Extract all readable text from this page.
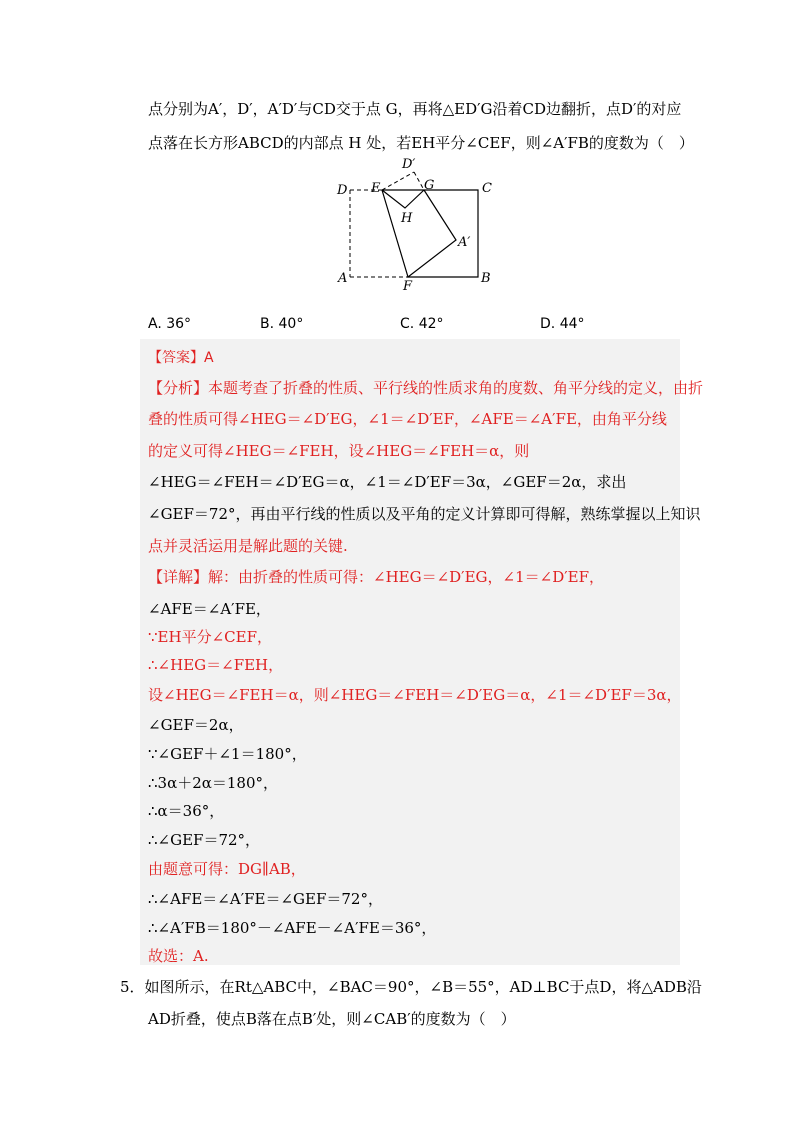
点分别为A′，D′，A′D′与CD交于点 G，再将△ED′G沿着CD边翻折，点D′的对应
点落在长方形ABCD的内部点 H 处，若EH平分∠CEF，则∠A′FB的度数为（　）
D′
D E	G	C
H
A′
A
F
B
A. 36°	B. 40°	C. 42°	D. 44°
【答案】A
【分析】本题考查了折叠的性质、平行线的性质求角的度数、角平分线的定义，由折
叠的性质可得∠HEG＝∠D′EG，∠1＝∠D′EF，∠AFE＝∠A′FE，由角平分线
的定义可得∠HEG＝∠FEH，设∠HEG＝∠FEH＝α，则
∠HEG＝∠FEH＝∠D′EG＝α，∠1＝∠D′EF＝3α，∠GEF＝2α，求出
∠GEF＝72°，再由平行线的性质以及平角的定义计算即可得解，熟练掌握以上知识
点并灵活运用是解此题的关键.
【详解】解：由折叠的性质可得：∠HEG＝∠D′EG，∠1＝∠D′EF，
∠AFE＝∠A′FE，
∵EH平分∠CEF，
∴∠HEG＝∠FEH，
设∠HEG＝∠FEH＝α，则∠HEG＝∠FEH＝∠D′EG＝α，∠1＝∠D′EF＝3α，
∠GEF＝2α，
∵∠GEF＋∠1＝180°，
∴3α＋2α＝180°，
∴α＝36°，
∴∠GEF＝72°，
由题意可得：DG∥AB，
∴∠AFE＝∠A′FE＝∠GEF＝72°，
∴∠A′FB＝180°－∠AFE－∠A′FE＝36°，
故选：A.
5．如图所示，在Rt△ABC中，∠BAC＝90°，∠B＝55°，AD⊥BC于点D，将△ADB沿
AD折叠，使点B落在点B′处，则∠CAB′的度数为（　）
